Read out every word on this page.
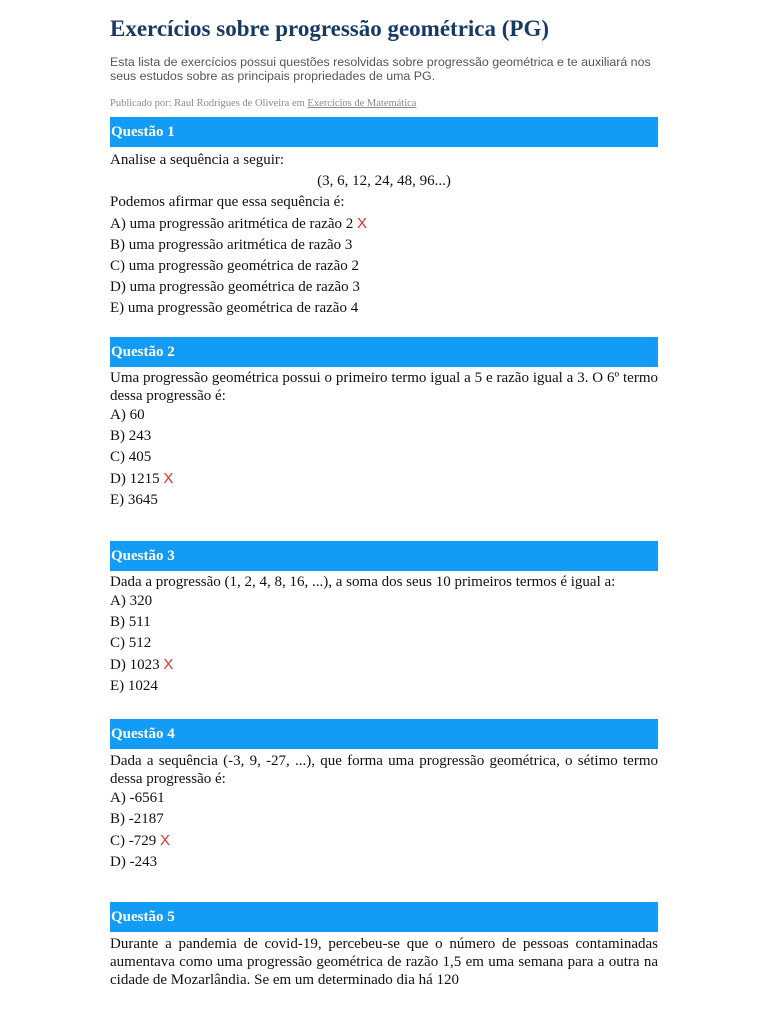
Exercícios sobre progressão geométrica (PG)
Esta lista de exercícios possui questões resolvidas sobre progressão geométrica e te auxiliará nos seus estudos sobre as principais propriedades de uma PG.
Publicado por: Raul Rodrigues de Oliveira em Exercícios de Matemática
Questão 1

Analise a sequência a seguir:

(3, 6, 12, 24, 48, 96...)

Podemos afirmar que essa sequência é:

A) uma progressão aritmética de razão 2 X

B) uma progressão aritmética de razão 3

C) uma progressão geométrica de razão 2

D) uma progressão geométrica de razão 3

E) uma progressão geométrica de razão 4

Questão 2

Uma progressão geométrica possui o primeiro termo igual a 5 e razão igual a 3. O 6º termo dessa progressão é:

A) 60

B) 243

C) 405

D) 1215 X

E) 3645

Questão 3

Dada a progressão (1, 2, 4, 8, 16, ...), a soma dos seus 10 primeiros termos é igual a:

A) 320

B) 511

C) 512

D) 1023 X

E) 1024

Questão 4

Dada a sequência (-3, 9, -27, ...), que forma uma progressão geométrica, o sétimo termo dessa progressão é:

A) -6561

B) -2187

C) -729 X

D) -243

Questão 5

Durante a pandemia de covid-19, percebeu-se que o número de pessoas contaminadas aumentava como uma progressão geométrica de razão 1,5 em uma semana para a outra na cidade de Mozarlândia. Se em um determinado dia há 120
